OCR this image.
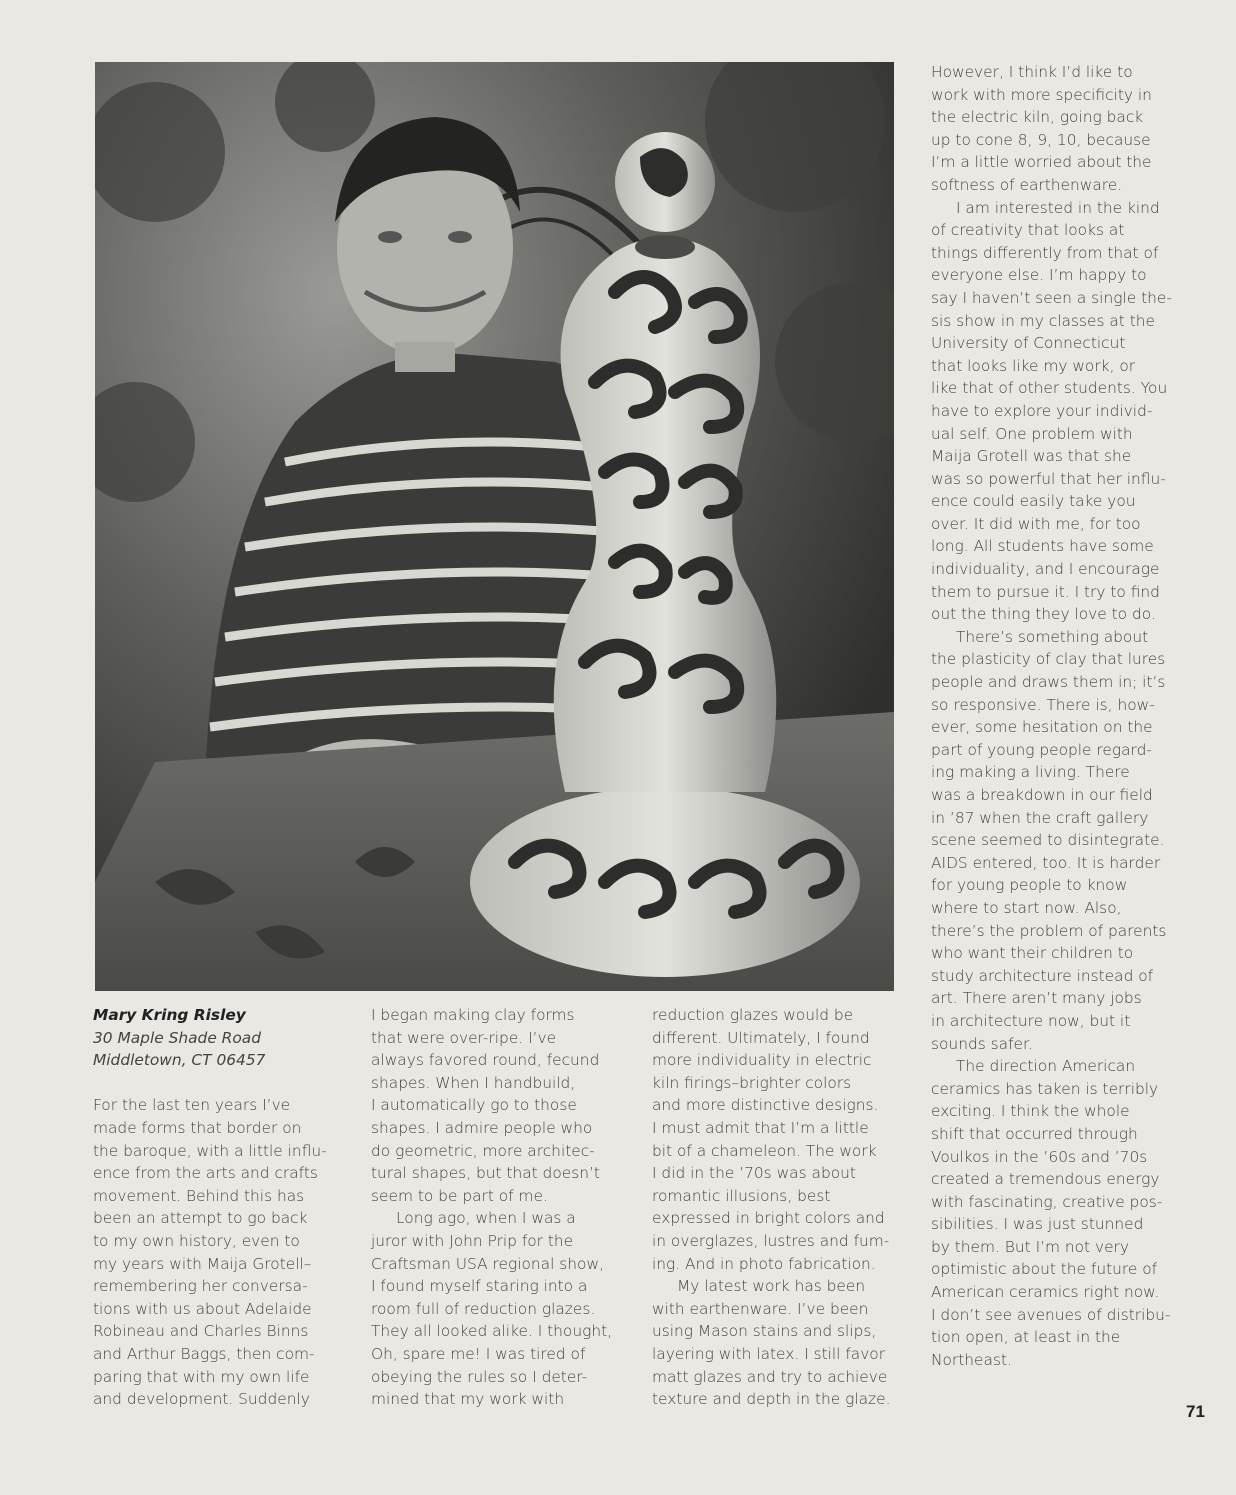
Mary Kring Risley

30 Maple Shade Road

Middletown, CT 06457

For the last ten years I’ve
made forms that border on
the baroque, with a little influ-
ence from the arts and crafts
movement. Behind this has
been an attempt to go back
to my own history, even to
my years with Maija Grotell–
remembering her conversa-
tions with us about Adelaide
Robineau and Charles Binns
and Arthur Baggs, then com-
paring that with my own life
and development. Suddenly
I began making clay forms
that were over-ripe. I’ve
always favored round, fecund
shapes. When I handbuild,
I automatically go to those
shapes. I admire people who
do geometric, more architec-
tural shapes, but that doesn’t
seem to be part of me.
Long ago, when I was a
juror with John Prip for the
Craftsman USA regional show,
I found myself staring into a
room full of reduction glazes.
They all looked alike. I thought,
Oh, spare me! I was tired of
obeying the rules so I deter-
mined that my work with
reduction glazes would be
different. Ultimately, I found
more individuality in electric
kiln firings–brighter colors
and more distinctive designs.
I must admit that I’m a little
bit of a chameleon. The work
I did in the ’70s was about
romantic illusions, best
expressed in bright colors and
in overglazes, lustres and fum-
ing. And in photo fabrication.
My latest work has been
with earthenware. I’ve been
using Mason stains and slips,
layering with latex. I still favor
matt glazes and try to achieve
texture and depth in the glaze.
However, I think I’d like to
work with more specificity in
the electric kiln, going back
up to cone 8, 9, 10, because
I’m a little worried about the
softness of earthenware.
I am interested in the kind
of creativity that looks at
things differently from that of
everyone else. I’m happy to
say I haven’t seen a single the-
sis show in my classes at the
University of Connecticut
that looks like my work, or
like that of other students. You
have to explore your individ-
ual self. One problem with
Maija Grotell was that she
was so powerful that her influ-
ence could easily take you
over. It did with me, for too
long. All students have some
individuality, and I encourage
them to pursue it. I try to find
out the thing they love to do.
There’s something about
the plasticity of clay that lures
people and draws them in; it’s
so responsive. There is, how-
ever, some hesitation on the
part of young people regard-
ing making a living. There
was a breakdown in our field
in ’87 when the craft gallery
scene seemed to disintegrate.
AIDS entered, too. It is harder
for young people to know
where to start now. Also,
there’s the problem of parents
who want their children to
study architecture instead of
art. There aren’t many jobs
in architecture now, but it
sounds safer.
The direction American
ceramics has taken is terribly
exciting. I think the whole
shift that occurred through
Voulkos in the ’60s and ’70s
created a tremendous energy
with fascinating, creative pos-
sibilities. I was just stunned
by them. But I’m not very
optimistic about the future of
American ceramics right now.
I don’t see avenues of distribu-
tion open, at least in the
Northeast.
71
